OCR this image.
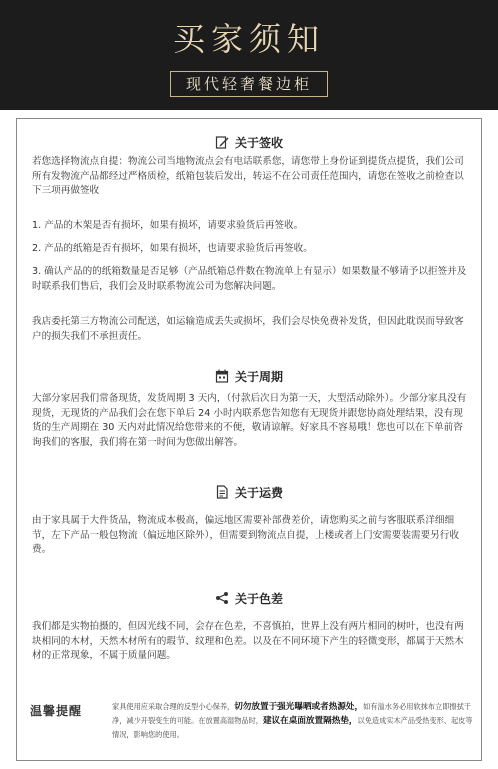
买家须知
现代轻奢餐边柜
关于签收
若您选择物流点自提：物流公司当地物流点会有电话联系您，请您带上身份证到提货点提货，我们公司所有发物流产品都经过严格质检，纸箱包装后发出，转运不在公司责任范围内，请您在签收之前检查以下三项再做签收
1. 产品的木架是否有损坏，如果有损坏，请要求验货后再签收。
2. 产品的纸箱是否有损坏，如果有损坏，也请要求验货后再签收。
3. 确认产品的的纸箱数量是否足够（产品纸箱总件数在物流单上有显示）如果数量不够请予以拒签并及时联系我们售后，我们会及时联系物流公司为您解决问题。
我店委托第三方物流公司配送，如运输造成丢失或损坏，我们会尽快免费补发货，但因此耽误而导致客户的损失我们不承担责任。
关于周期
大部分家居我们常备现货，发货周期 3 天内，（付款后次日为第一天，大型活动除外）。少部分家具没有现货，无现货的产品我们会在您下单后 24 小时内联系您告知您有无现货并跟您协商处理结果，没有现货的生产周期在 30 天内对此情况给您带来的不便，敬请谅解。好家具不容易哦！您也可以在下单前咨询我们的客服，我们将在第一时间为您做出解答。
关于运费
由于家具属于大件货品，物流成本极高，偏远地区需要补部费差价，请您购买之前与客服联系洋细细节，左下产品一般包物流（偏远地区除外），但需要到物流点自提，上楼或者上门安需要装需要另行收费。
关于色差
我们都是实物拍摄的，但因光线不同，会存在色差，不喜慎拍，世界上没有两片相同的树叶，也没有两块相同的木材，天然木材所有的瑕节、纹理和色差。以及在不同环境下产生的轻微变形，都属于天然木材的正常现象，不属于质量问题。
温馨提醒	家具使用应采取合理的反型小心保养，切勿放置于强光曝晒或者热源处，如有溢水务必用软抹布立即擦拭干净，减少开裂变生的可能。在放置高湿物品时，建议在桌面放置隔热垫，以免造成实木产品受热变形、起皮等情况，影响您的使用。
